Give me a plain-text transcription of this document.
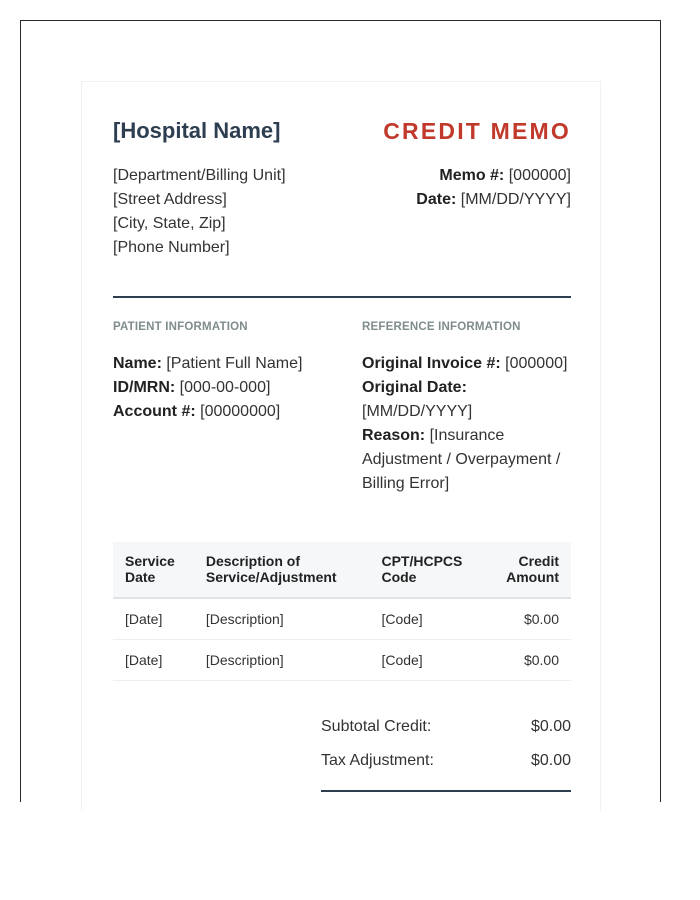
[Hospital Name]	CREDIT MEMO
[Department/Billing Unit]
[Street Address]
[City, State, Zip]
[Phone Number]
Memo #: [000000]
Date: [MM/DD/YYYY]
PATIENT INFORMATION	REFERENCE INFORMATION
Name: [Patient Full Name]
ID/MRN: [000-00-000]
Account #: [00000000]
Original Invoice #: [000000]
Original Date: [MM/DD/YYYY]
Reason: [Insurance Adjustment / Overpayment / Billing Error]
Service Date	Description of Service/Adjustment	CPT/HCPCS Code	Credit Amount
[Date]	[Description]	[Code]	$0.00
[Date]	[Description]	[Code]	$0.00
Subtotal Credit:	$0.00
Tax Adjustment:	$0.00
